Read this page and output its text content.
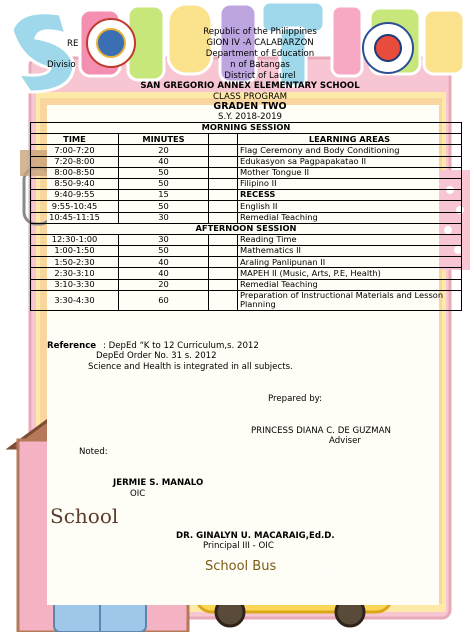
RE
Divisio
Republic of the Philippines
GION IV -A CALABARZON
Department of Education
n of Batangas
District of Laurel
SAN GREGORIO ANNEX ELEMENTARY SCHOOL
CLASS PROGRAM
GRADEN TWO
S.Y. 2018-2019
MORNING SESSION			
TIME	MINUTES		LEARNING AREAS
7:00-7:20	20		Flag Ceremony and Body Conditioning
7:20-8:00	40		Edukasyon sa Pagpapakatao II
8:00-8:50	50		Mother Tongue II
8:50-9:40	50		Filipino II
9:40-9:55	15		RECESS
9:55-10:45	50		English II
10:45-11:15	30		Remedial Teaching
AFTERNOON SESSION			
12:30-1:00	30		Reading Time
1:00-1:50	50		Mathematics II
1:50-2:30	40		Araling Panlipunan II
2:30-3:10	40		MAPEH II (Music, Arts, P.E, Health)
3:10-3:30	20		Remedial Teaching
3:30-4:30	60		Preparation of Instructional Materials and Lesson Planning
Reference : DepEd “K to 12 Curriculum,s. 2012
DepEd Order No. 31 s. 2012
Science and Health is integrated in all subjects.
Prepared by:
PRINCESS DIANA C. DE GUZMAN
Adviser
Noted:
JERMIE S. MANALO
OIC
DR. GINALYN U. MACARAIG,Ed.D.
Principal III - OIC
School
School Bus	STOP
